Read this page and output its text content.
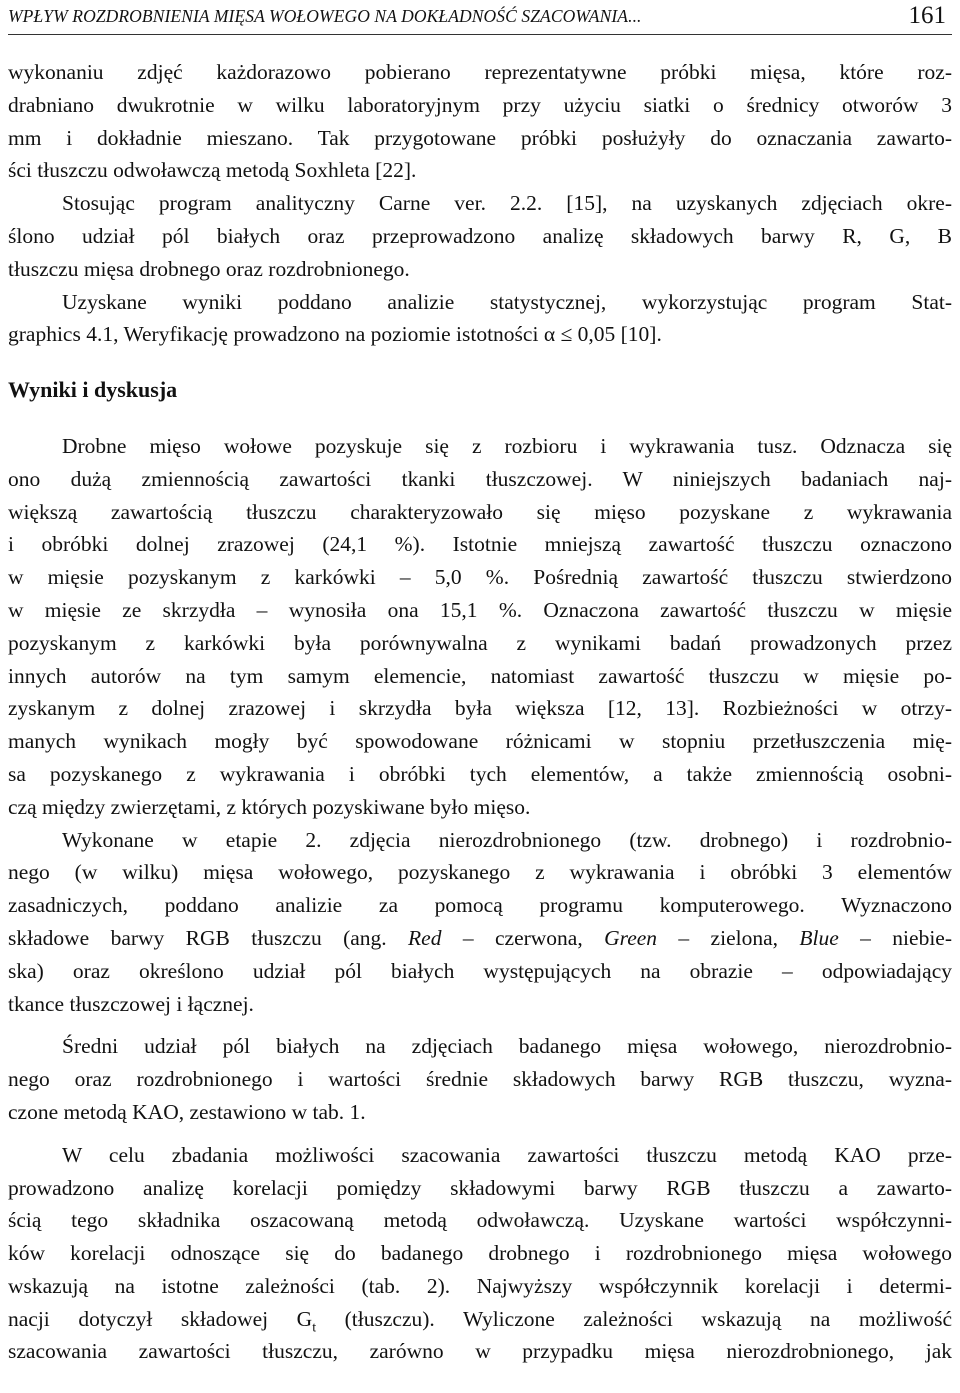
WPŁYW ROZDROBNIENIA MIĘSA WOŁOWEGO NA DOKŁADNOŚĆ SZACOWANIA...	161
wykonaniu zdjęć każdorazowo pobierano reprezentatywne próbki mięsa, które roz-
drabniano dwukrotnie w wilku laboratoryjnym przy użyciu siatki o średnicy otworów 3
mm i dokładnie mieszano. Tak przygotowane próbki posłużyły do oznaczania zawarto-
ści tłuszczu odwoławczą metodą Soxhleta [22].
Stosując program analityczny Carne ver. 2.2. [15], na uzyskanych zdjęciach okre-
ślono udział pól białych oraz przeprowadzono analizę składowych barwy R, G, B
tłuszczu mięsa drobnego oraz rozdrobnionego.
Uzyskane wyniki poddano analizie statystycznej, wykorzystując program Stat-
graphics 4.1, Weryfikację prowadzono na poziomie istotności α ≤ 0,05 [10].
Wyniki i dyskusja
Drobne mięso wołowe pozyskuje się z rozbioru i wykrawania tusz. Odznacza się
ono dużą zmiennością zawartości tkanki tłuszczowej. W niniejszych badaniach naj-
większą zawartością tłuszczu charakteryzowało się mięso pozyskane z wykrawania
i obróbki dolnej zrazowej (24,1 %). Istotnie mniejszą zawartość tłuszczu oznaczono
w mięsie pozyskanym z karkówki – 5,0 %. Pośrednią zawartość tłuszczu stwierdzono
w mięsie ze skrzydła – wynosiła ona 15,1 %. Oznaczona zawartość tłuszczu w mięsie
pozyskanym z karkówki była porównywalna z wynikami badań prowadzonych przez
innych autorów na tym samym elemencie, natomiast zawartość tłuszczu w mięsie po-
zyskanym z dolnej zrazowej i skrzydła była większa [12, 13]. Rozbieżności w otrzy-
manych wynikach mogły być spowodowane różnicami w stopniu przetłuszczenia mię-
sa pozyskanego z wykrawania i obróbki tych elementów, a także zmiennością osobni-
czą między zwierzętami, z których pozyskiwane było mięso.
Wykonane w etapie 2. zdjęcia nierozdrobnionego (tzw. drobnego) i rozdrobnio-
nego (w wilku) mięsa wołowego, pozyskanego z wykrawania i obróbki 3 elementów
zasadniczych, poddano analizie za pomocą programu komputerowego. Wyznaczono
składowe barwy RGB tłuszczu (ang. Red – czerwona, Green – zielona, Blue – niebie-
ska) oraz określono udział pól białych występujących na obrazie – odpowiadający
tkance tłuszczowej i łącznej.
Średni udział pól białych na zdjęciach badanego mięsa wołowego, nierozdrobnio-
nego oraz rozdrobnionego i wartości średnie składowych barwy RGB tłuszczu, wyzna-
czone metodą KAO, zestawiono w tab. 1.
W celu zbadania możliwości szacowania zawartości tłuszczu metodą KAO prze-
prowadzono analizę korelacji pomiędzy składowymi barwy RGB tłuszczu a zawarto-
ścią tego składnika oszacowaną metodą odwoławczą. Uzyskane wartości współczynni-
ków korelacji odnoszące się do badanego drobnego i rozdrobnionego mięsa wołowego
wskazują na istotne zależności (tab. 2). Najwyższy współczynnik korelacji i determi-
nacji dotyczył składowej $G_t$ (tłuszczu). Wyliczone zależności wskazują na możliwość
szacowania zawartości tłuszczu, zarówno w przypadku mięsa nierozdrobnionego, jak
